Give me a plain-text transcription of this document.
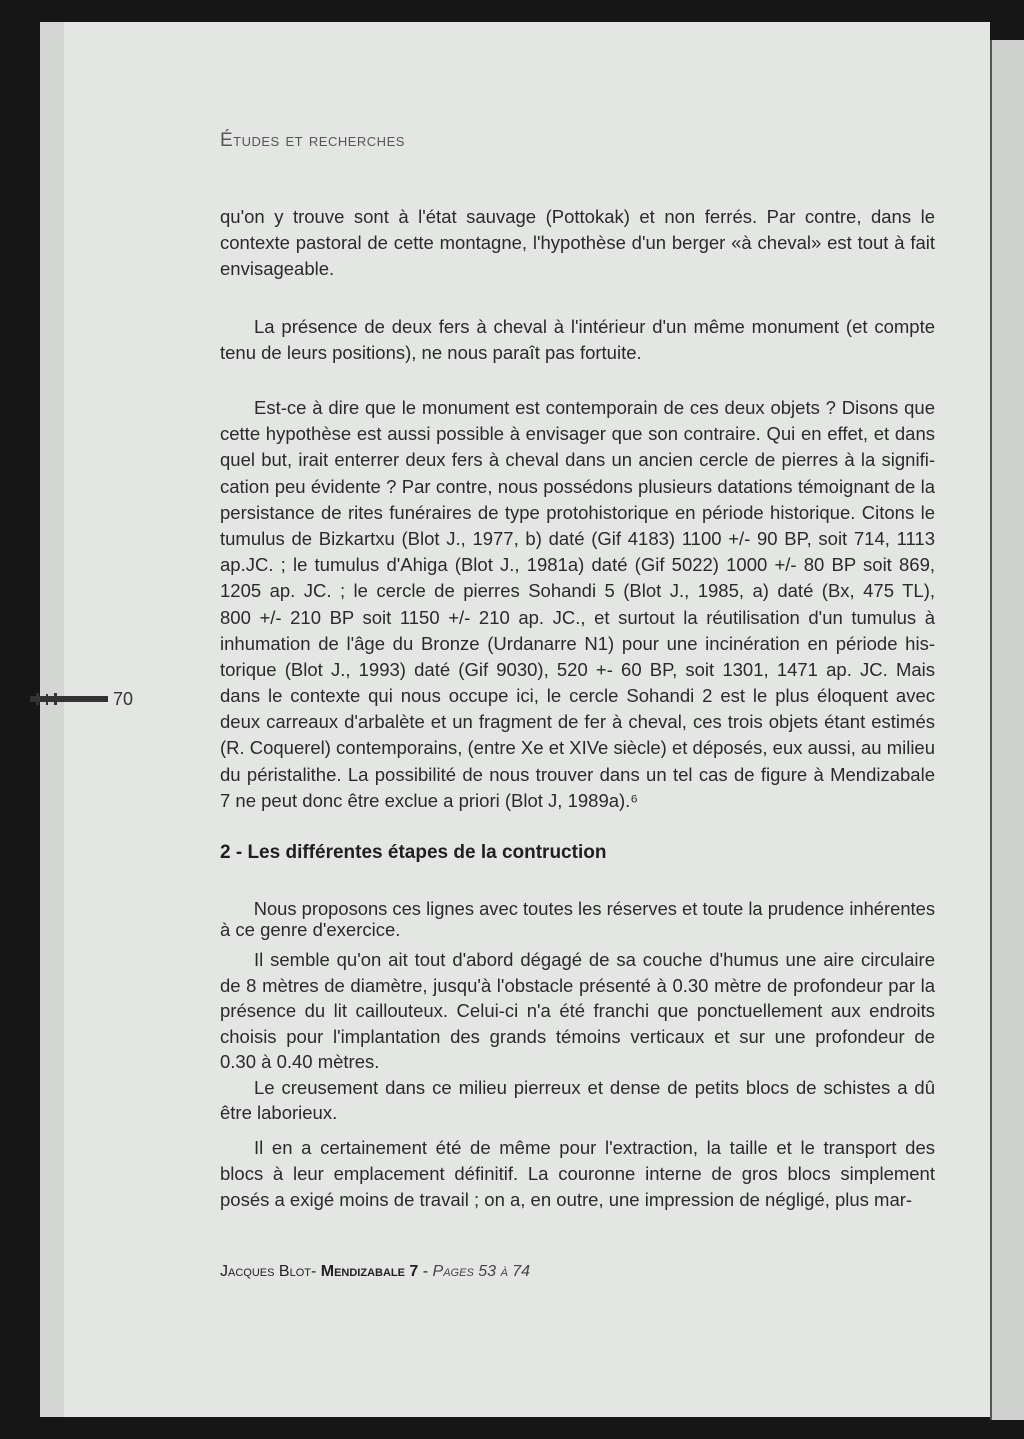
Études et recherches
qu'on y trouve sont à l'état sauvage (Pottokak) et non ferrés. Par contre, dans le
contexte pastoral de cette montagne, l'hypothèse d'un berger «à cheval» est tout à fait
envisageable.
La présence de deux fers à cheval à l'intérieur d'un même monument (et compte
tenu de leurs positions), ne nous paraît pas fortuite.
Est-ce à dire que le monument est contemporain de ces deux objets ? Disons que
cette hypothèse est aussi possible à envisager que son contraire. Qui en effet, et dans
quel but, irait enterrer deux fers à cheval dans un ancien cercle de pierres à la signifi-
cation peu évidente ? Par contre, nous possédons plusieurs datations témoignant de la
persistance de rites funéraires de type protohistorique en période historique. Citons le
tumulus de Bizkartxu (Blot J., 1977, b) daté (Gif 4183) 1100 +/- 90 BP, soit 714, 1113
ap.JC. ; le tumulus d'Ahiga (Blot J., 1981a) daté (Gif 5022) 1000 +/- 80 BP soit 869,
1205 ap. JC. ; le cercle de pierres Sohandi 5 (Blot J., 1985, a) daté (Bx, 475 TL),
800 +/- 210 BP soit 1150 +/- 210 ap. JC., et surtout la réutilisation d'un tumulus à
inhumation de l'âge du Bronze (Urdanarre N1) pour une incinération en période his-
torique (Blot J., 1993) daté (Gif 9030), 520 +- 60 BP, soit 1301, 1471 ap. JC. Mais
dans le contexte qui nous occupe ici, le cercle Sohandi 2 est le plus éloquent avec
deux carreaux d'arbalète et un fragment de fer à cheval, ces trois objets étant estimés
(R. Coquerel) contemporains, (entre Xe et XIVe siècle) et déposés, eux aussi, au milieu
du péristalithe. La possibilité de nous trouver dans un tel cas de figure à Mendizabale
7 ne peut donc être exclue a priori (Blot J, 1989a).⁶
Nous proposons ces lignes avec toutes les réserves et toute la prudence inhérentes
à ce genre d'exercice.
Il semble qu'on ait tout d'abord dégagé de sa couche d'humus une aire circulaire
de 8 mètres de diamètre, jusqu'à l'obstacle présenté à 0.30 mètre de profondeur par la
présence du lit caillouteux. Celui-ci n'a été franchi que ponctuellement aux endroits
choisis pour l'implantation des grands témoins verticaux et sur une profondeur de
0.30 à 0.40 mètres.
Le creusement dans ce milieu pierreux et dense de petits blocs de schistes a dû
être laborieux.
Il en a certainement été de même pour l'extraction, la taille et le transport des
blocs à leur emplacement définitif. La couronne interne de gros blocs simplement
posés a exigé moins de travail ; on a, en outre, une impression de négligé, plus mar-
2 - Les différentes étapes de la contruction
70
Jacques Blot- Mendizabale 7 - Pages 53 à 74
